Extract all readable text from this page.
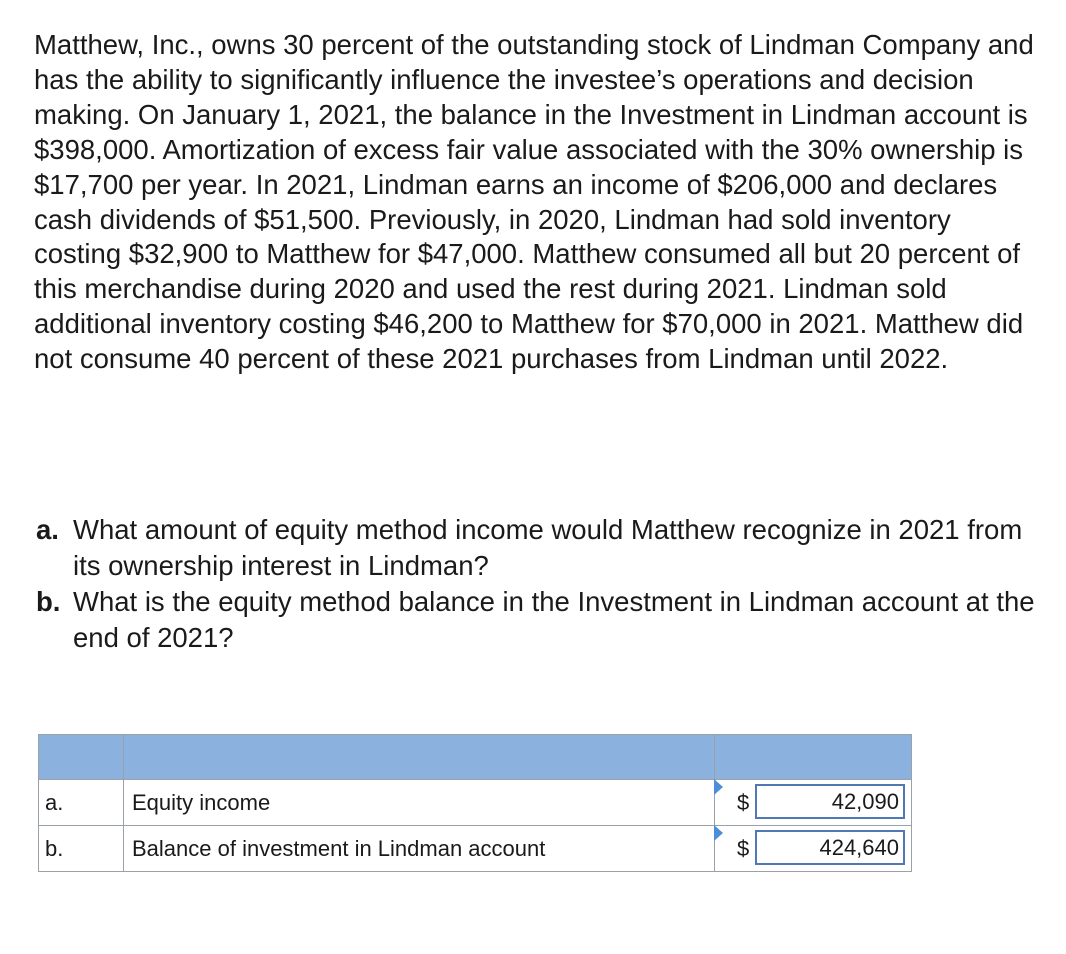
Matthew, Inc., owns 30 percent of the outstanding stock of Lindman Company and has the ability to significantly influence the investee’s operations and decision making. On January 1, 2021, the balance in the Investment in Lindman account is $398,000. Amortization of excess fair value associated with the 30% ownership is $17,700 per year. In 2021, Lindman earns an income of $206,000 and declares cash dividends of $51,500. Previously, in 2020, Lindman had sold inventory costing $32,900 to Matthew for $47,000. Matthew consumed all but 20 percent of this merchandise during 2020 and used the rest during 2021. Lindman sold additional inventory costing $46,200 to Matthew for $70,000 in 2021. Matthew did not consume 40 percent of these 2021 purchases from Lindman until 2022.

a. What amount of equity method income would Matthew recognize in 2021 from its ownership interest in Lindman?

b. What is the equity method balance in the Investment in Lindman account at the end of 2021?

a.	Equity income	$ 42,090

b.	Balance of investment in Lindman account	$ 424,640
